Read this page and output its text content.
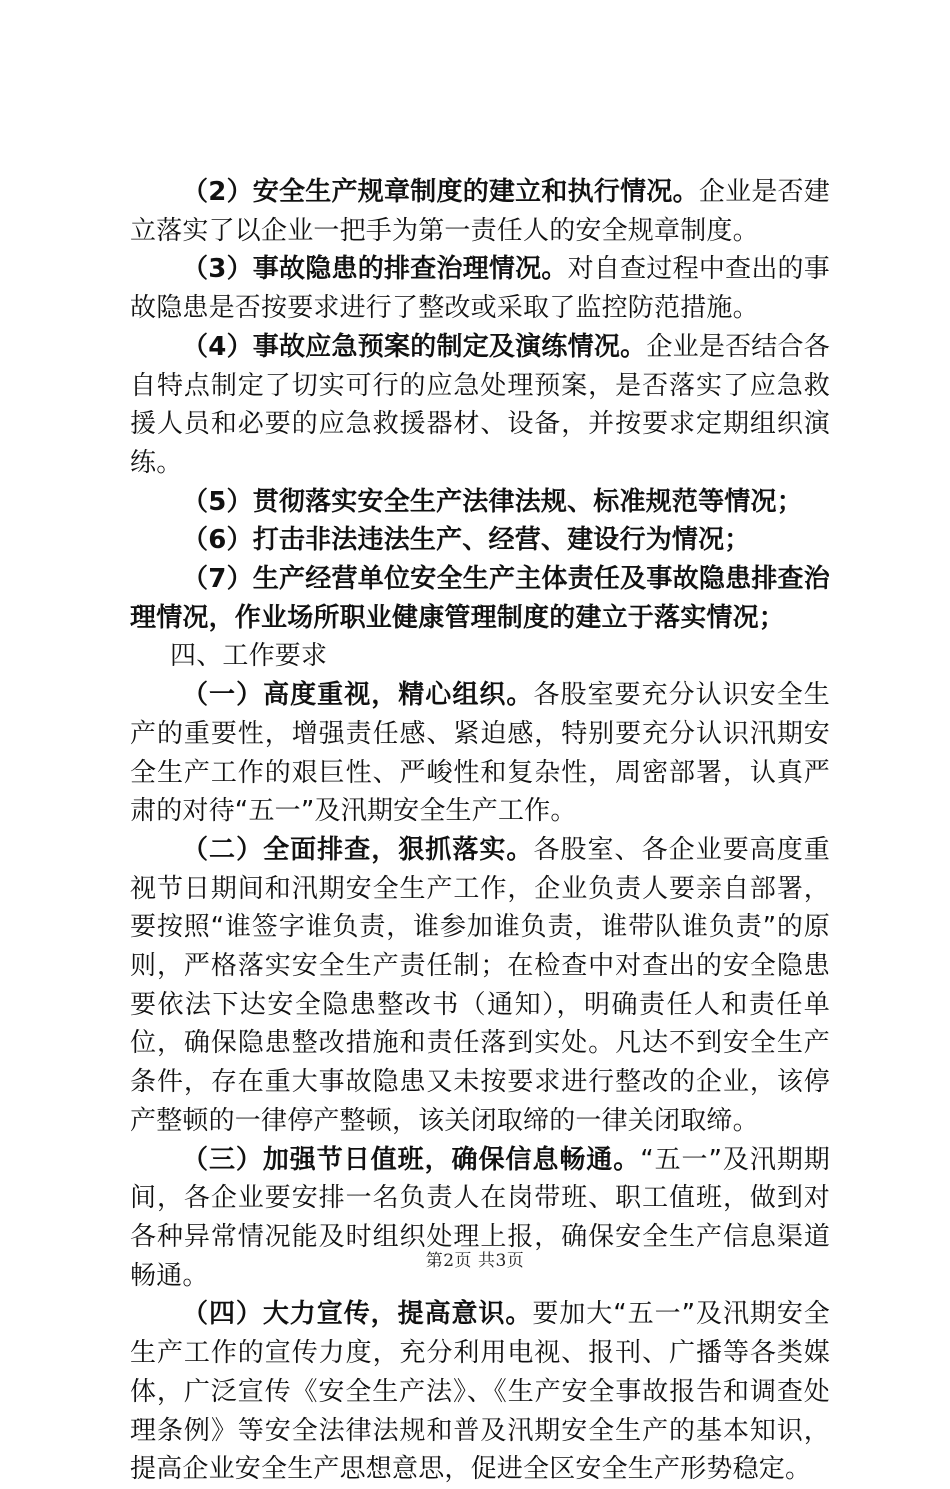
（2）安全生产规章制度的建立和执行情况。企业是否建立落实了以企业一把手为第一责任人的安全规章制度。

（3）事故隐患的排查治理情况。对自查过程中查出的事故隐患是否按要求进行了整改或采取了监控防范措施。

（4）事故应急预案的制定及演练情况。企业是否结合各自特点制定了切实可行的应急处理预案，是否落实了应急救援人员和必要的应急救援器材、设备，并按要求定期组织演练。

（5）贯彻落实安全生产法律法规、标准规范等情况；

（6）打击非法违法生产、经营、建设行为情况；

（7）生产经营单位安全生产主体责任及事故隐患排查治理情况，作业场所职业健康管理制度的建立于落实情况；

四、工作要求

（一）高度重视，精心组织。各股室要充分认识安全生产的重要性，增强责任感、紧迫感，特别要充分认识汛期安全生产工作的艰巨性、严峻性和复杂性，周密部署，认真严肃的对待“五一”及汛期安全生产工作。

（二）全面排查，狠抓落实。各股室、各企业要高度重视节日期间和汛期安全生产工作，企业负责人要亲自部署，要按照“谁签字谁负责，谁参加谁负责，谁带队谁负责”的原则，严格落实安全生产责任制；在检查中对查出的安全隐患要依法下达安全隐患整改书（通知），明确责任人和责任单位，确保隐患整改措施和责任落到实处。凡达不到安全生产条件，存在重大事故隐患又未按要求进行整改的企业，该停产整顿的一律停产整顿，该关闭取缔的一律关闭取缔。

（三）加强节日值班，确保信息畅通。“五一”及汛期期间，各企业要安排一名负责人在岗带班、职工值班，做到对各种异常情况能及时组织处理上报，确保安全生产信息渠道畅通。

（四）大力宣传，提高意识。要加大“五一”及汛期安全生产工作的宣传力度，充分利用电视、报刊、广播等各类媒体，广泛宣传《安全生产法》、《生产安全事故报告和调查处理条例》等安全法律法规和普及汛期安全生产的基本知识，提高企业安全生产思想意思，促进全区安全生产形势稳定。

第2页 共3页
